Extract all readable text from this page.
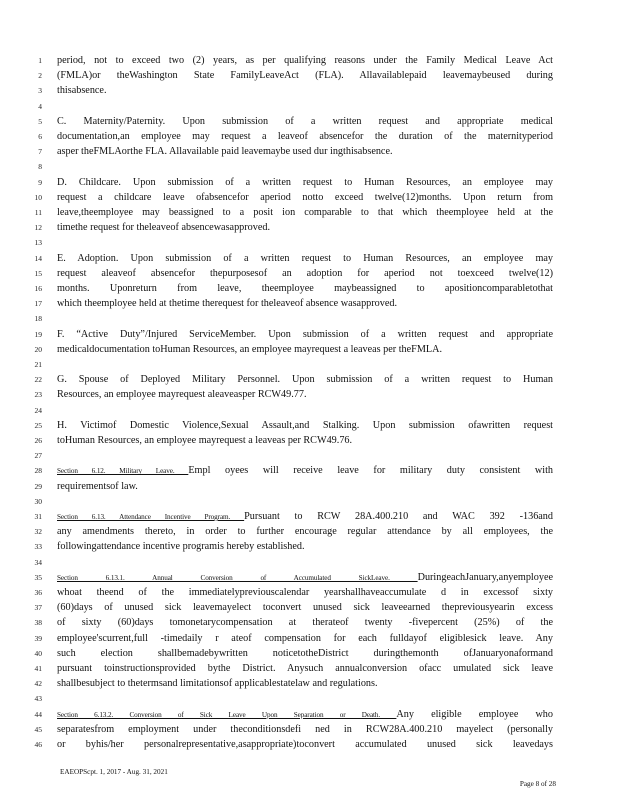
1 period, not to exceed two (2) years, as per qualifying reasons under the Family Medical Leave Act
2 (FMLA)or theWashington State FamilyLeaveAct (FLA). Allavailablepaid leavemaybeused during
3 thisabsence.
4
5 C. Maternity/Paternity. Upon submission of a written request and appropriate medical
6 documentation,an employee may request a leaveof absencefor the duration of the maternityperiod
7 asper theFMLAorthe FLA. Allavailable paid leavemaybe used dur ingthisabsence.
8
9 D. Childcare. Upon submission of a written request to Human Resources, an employee may
10 request a childcare leave ofabsencefor aperiod notto exceed twelve(12)months. Upon return from
11 leave,theemployee may beassigned to a posit ion comparable to that which theemployee held at the
12 timethe request for theleaveof absencewasapproved.
13
14 E. Adoption. Upon submission of a written request to Human Resources, an employee may
15 request aleaveof absencefor thepurposesof an adoption for aperiod not toexceed twelve(12)
16 months. Uponreturn from leave, theemployee maybeassigned to apositioncomparabletothat
17 which theemployee held at thetime therequest for theleaveof absence wasapproved.
18
19 F. “Active Duty”/Injured ServiceMember. Upon submission of a written request and appropriate
20 medicaldocumentation toHuman Resources, an employee mayrequest a leaveas per theFMLA.
21
22 G. Spouse of Deployed Military Personnel. Upon submission of a written request to Human
23 Resources, an employee mayrequest aleaveasper RCW49.77.
24
25 H. Victimof Domestic Violence,Sexual Assault,and Stalking. Upon submission ofawritten request
26 toHuman Resources, an employee mayrequest a leaveas per RCW49.76.
27
28 Section 6.12. Military Leave. Empl oyees will receive leave for military duty consistent with
29 requirementsof law.
30
31 Section 6.13. Attendance Incentive Program. Pursuant to RCW 28A.400.210 and WAC 392 -136and
32 any amendments thereto, in order to further encourage regular attendance by all employees, the
33 followingattendance incentive programis hereby established.
34
35 Section 6.13.1. Annual Conversion of Accumulated SickLeave. DuringeachJanuary,anyemployee
36 whoat theend of the immediatelypreviouscalendar yearshallhaveaccumulate d in excessof sixty
37 (60)days of unused sick leavemayelect toconvert unused sick leaveearned thepreviousyearin excess
38 of sixty (60)days tomonetarycompensation at therateof twenty -fivepercent (25%) of the
39 employee'scurrent,full -timedaily r ateof compensation for each fulldayof eligiblesick leave. Any
40 such election shallbemadebywritten noticetotheDistrict duringthemonth ofJanuaryonaformand
41 pursuant toinstructionsprovided bythe District. Anysuch annualconversion ofacc umulated sick leave
42 shallbesubject to thetermsand limitationsof applicablestatelaw and regulations.
43
44 Section 6.13.2. Conversion of Sick Leave Upon Separation or Death. Any eligible employee who
45 separatesfrom employment under theconditionsdefi ned in RCW28A.400.210 mayelect (personally
46 or byhis/her personalrepresentative,asappropriate)toconvert accumulated unused sick leavedays
EAEOPScpt. 1, 2017 - Aug. 31, 2021
Page 8 of 28
